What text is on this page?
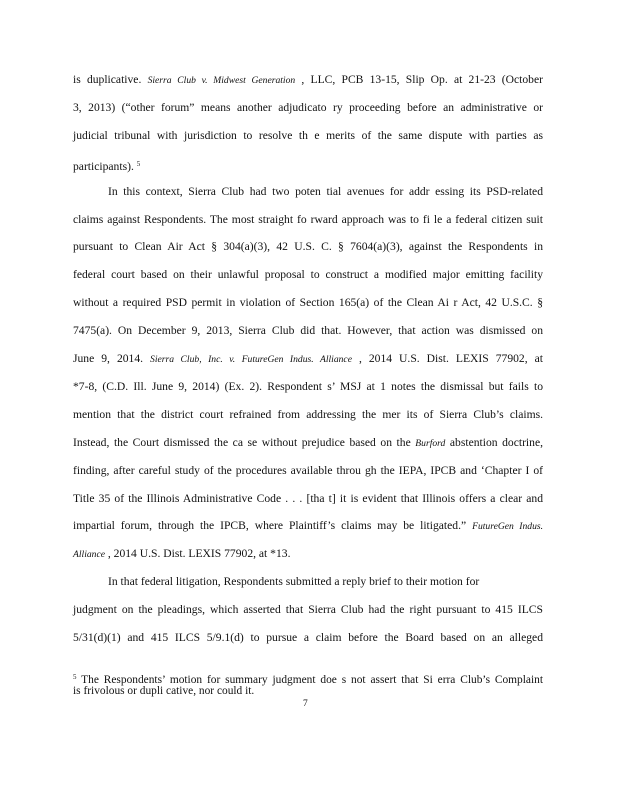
is duplicative. Sierra Club v. Midwest Generation , LLC, PCB 13-15, Slip Op. at 21-23 (October
3, 2013) (“other forum” means another adjudicato ry proceeding before an administrative or
judicial tribunal with jurisdiction to resolve th e merits of the same dispute with parties as
participants). $^5$
In this context, Sierra Club had two poten tial avenues for addr essing its PSD-related
claims against Respondents. The most straight fo rward approach was to fi le a federal citizen suit
pursuant to Clean Air Act § 304(a)(3), 42 U.S. C. § 7604(a)(3), against the Respondents in
federal court based on their unlawful proposal to construct a modified major emitting facility
without a required PSD permit in violation of Section 165(a) of the Clean Ai r Act, 42 U.S.C. §
7475(a). On December 9, 2013, Sierra Club did that. However, that action was dismissed on
June 9, 2014. Sierra Club, Inc. v. FutureGen Indus. Alliance , 2014 U.S. Dist. LEXIS 77902, at
*7-8, (C.D. Ill. June 9, 2014) (Ex. 2). Respondent s’ MSJ at 1 notes the dismissal but fails to
mention that the district court refrained from addressing the mer its of Sierra Club’s claims.
Instead, the Court dismissed the ca se without prejudice based on the Burford abstention doctrine,
finding, after careful study of the procedures available throu gh the IEPA, IPCB and ‘Chapter I of
Title 35 of the Illinois Administrative Code . . . [tha t] it is evident that Illinois offers a clear and
impartial forum, through the IPCB, where Plaintiff’s claims may be litigated.” FutureGen Indus.
Alliance , 2014 U.S. Dist. LEXIS 77902, at *13.
In that federal litigation, Respondents submitted a reply brief to their motion for
judgment on the pleadings, which asserted that Sierra Club had the right pursuant to 415 ILCS
5/31(d)(1) and 415 ILCS 5/9.1(d) to pursue a claim before the Board based on an alleged
$^5$ The Respondents’ motion for summary judgment doe s not assert that Si erra Club’s Complaint
is frivolous or dupli cative, nor could it.
7
